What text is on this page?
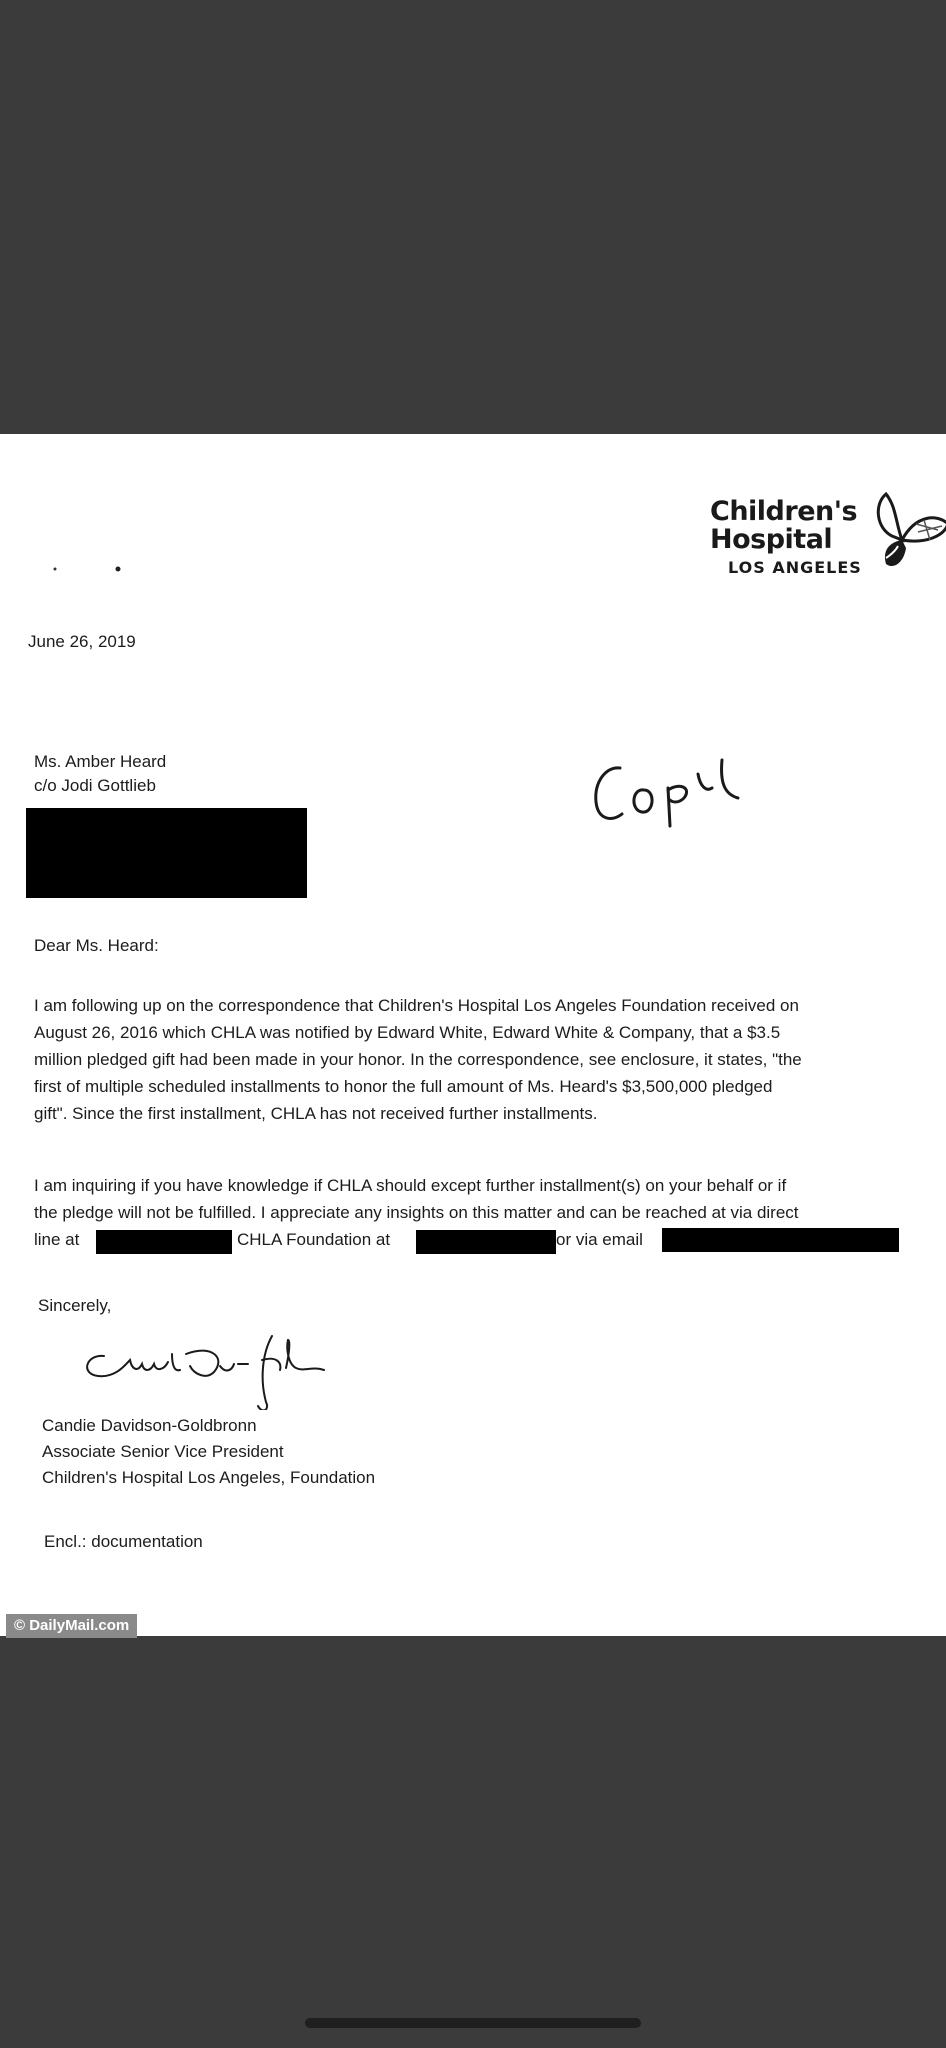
Children's
Hospital
LOS ANGELES
June 26, 2019
Ms. Amber Heard
c/o Jodi Gottlieb
Dear Ms. Heard:
I am following up on the correspondence that Children's Hospital Los Angeles Foundation received on
August 26, 2016 which CHLA was notified by Edward White, Edward White & Company, that a $3.5
million pledged gift had been made in your honor. In the correspondence, see enclosure, it states, "the
first of multiple scheduled installments to honor the full amount of Ms. Heard's $3,500,000 pledged
gift". Since the first installment, CHLA has not received further installments.
I am inquiring if you have knowledge if CHLA should except further installment(s) on your behalf or if
the pledge will not be fulfilled. I appreciate any insights on this matter and can be reached at via direct
line at	CHLA Foundation at	or via email
Sincerely,
Candie Davidson-Goldbronn
Associate Senior Vice President
Children's Hospital Los Angeles, Foundation
Encl.: documentation
© DailyMail.com
